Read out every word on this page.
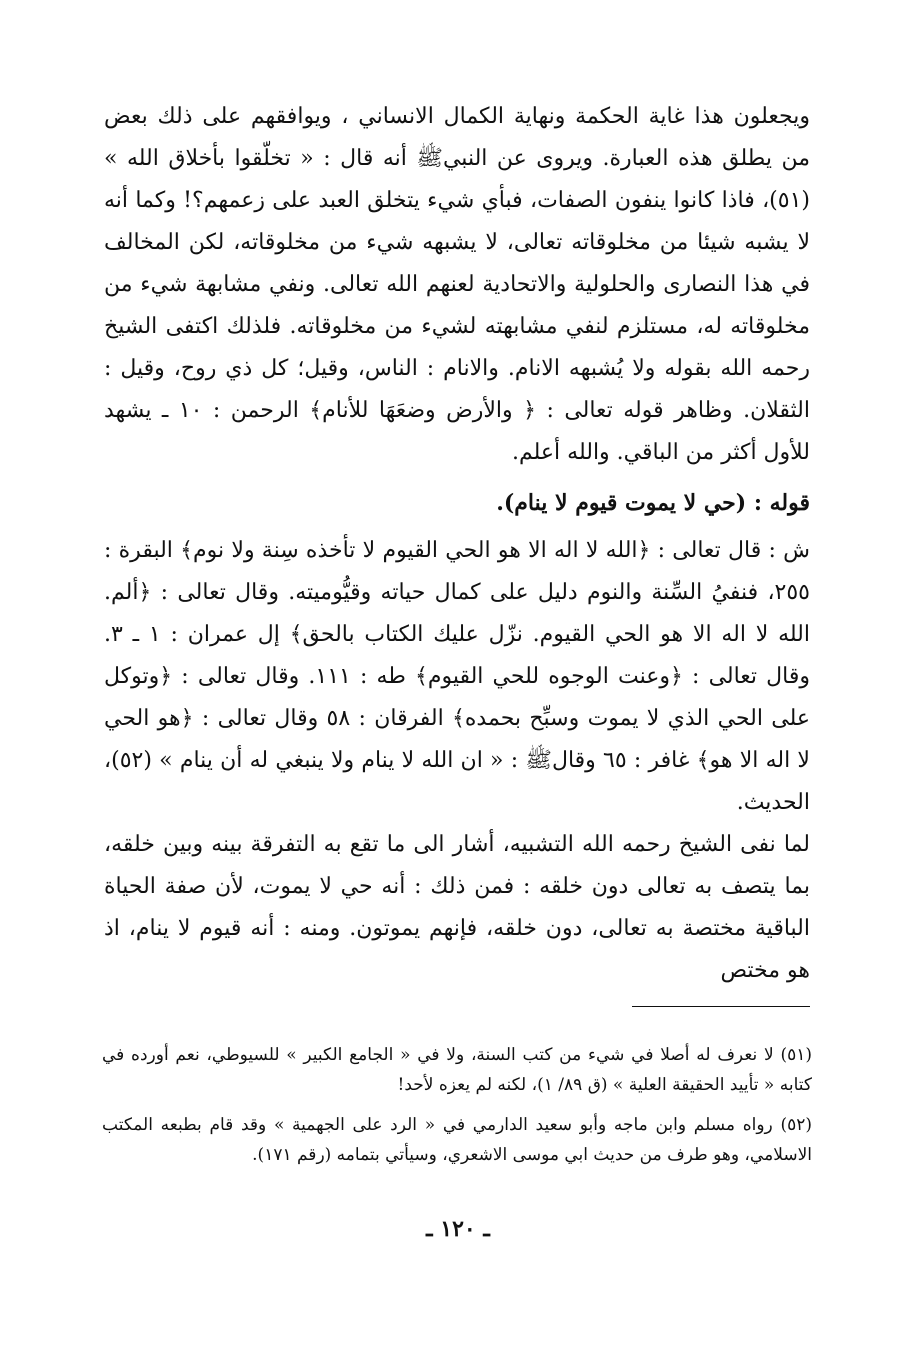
ويجعلون هذا غاية الحكمة ونهاية الكمال الانساني ، ويوافقهم على ذلك بعض من يطلق هذه العبارة. ويروى عن النبيﷺ أنه قال : « تخلّقوا بأخلاق الله » (٥١)، فاذا كانوا ينفون الصفات، فبأي شيء يتخلق العبد على زعمهم؟! وكما أنه لا يشبه شيئا من مخلوقاته تعالى، لا يشبهه شيء من مخلوقاته، لكن المخالف في هذا النصارى والحلولية والاتحادية لعنهم الله تعالى. ونفي مشابهة شيء من مخلوقاته له، مستلزم لنفي مشابهته لشيء من مخلوقاته. فلذلك اكتفى الشيخ رحمه الله بقوله ولا يُشبهه الانام. والانام : الناس، وقيل؛ كل ذي روح، وقيل : الثقلان. وظاهر قوله تعالى : ﴿ والأرض وضعَهَا للأنام﴾ الرحمن : ١٠ ـ يشهد للأول أكثر من الباقي. والله أعلم.

قوله : (حي لا يموت قيوم لا ينام).

ش : قال تعالى : ﴿الله لا اله الا هو الحي القيوم لا تأخذه سِنة ولا نوم﴾ البقرة : ٢٥٥، فنفيُ السِّنة والنوم دليل على كمال حياته وقيُّوميته. وقال تعالى : ﴿ألم. الله لا اله الا هو الحي القيوم. نزّل عليك الكتاب بالحق﴾ إل عمران : ١ ـ ٣. وقال تعالى : ﴿وعنت الوجوه للحي القيوم﴾ طه : ١١١. وقال تعالى : ﴿وتوكل على الحي الذي لا يموت وسبِّح بحمده﴾ الفرقان : ٥٨ وقال تعالى : ﴿هو الحي لا اله الا هو﴾ غافر : ٦٥ وقالﷺ : « ان الله لا ينام ولا ينبغي له أن ينام » (٥٢)، الحديث.

لما نفى الشيخ رحمه الله التشبيه، أشار الى ما تقع به التفرقة بينه وبين خلقه، بما يتصف به تعالى دون خلقه : فمن ذلك : أنه حي لا يموت، لأن صفة الحياة الباقية مختصة به تعالى، دون خلقه، فإنهم يموتون. ومنه : أنه قيوم لا ينام، اذ هو مختص

(٥١) لا نعرف له أصلا في شيء من كتب السنة، ولا في « الجامع الكبير » للسيوطي، نعم أورده في كتابه « تأييد الحقيقة العلية » (ق ٨٩/ ١)، لكنه لم يعزه لأحد!

(٥٢) رواه مسلم وابن ماجه وأبو سعيد الدارمي في « الرد على الجهمية » وقد قام بطبعه المكتب الاسلامي، وهو طرف من حديث ابي موسى الاشعري، وسيأتي بتمامه (رقم ١٧١).

ـ ١٢٠ ـ
